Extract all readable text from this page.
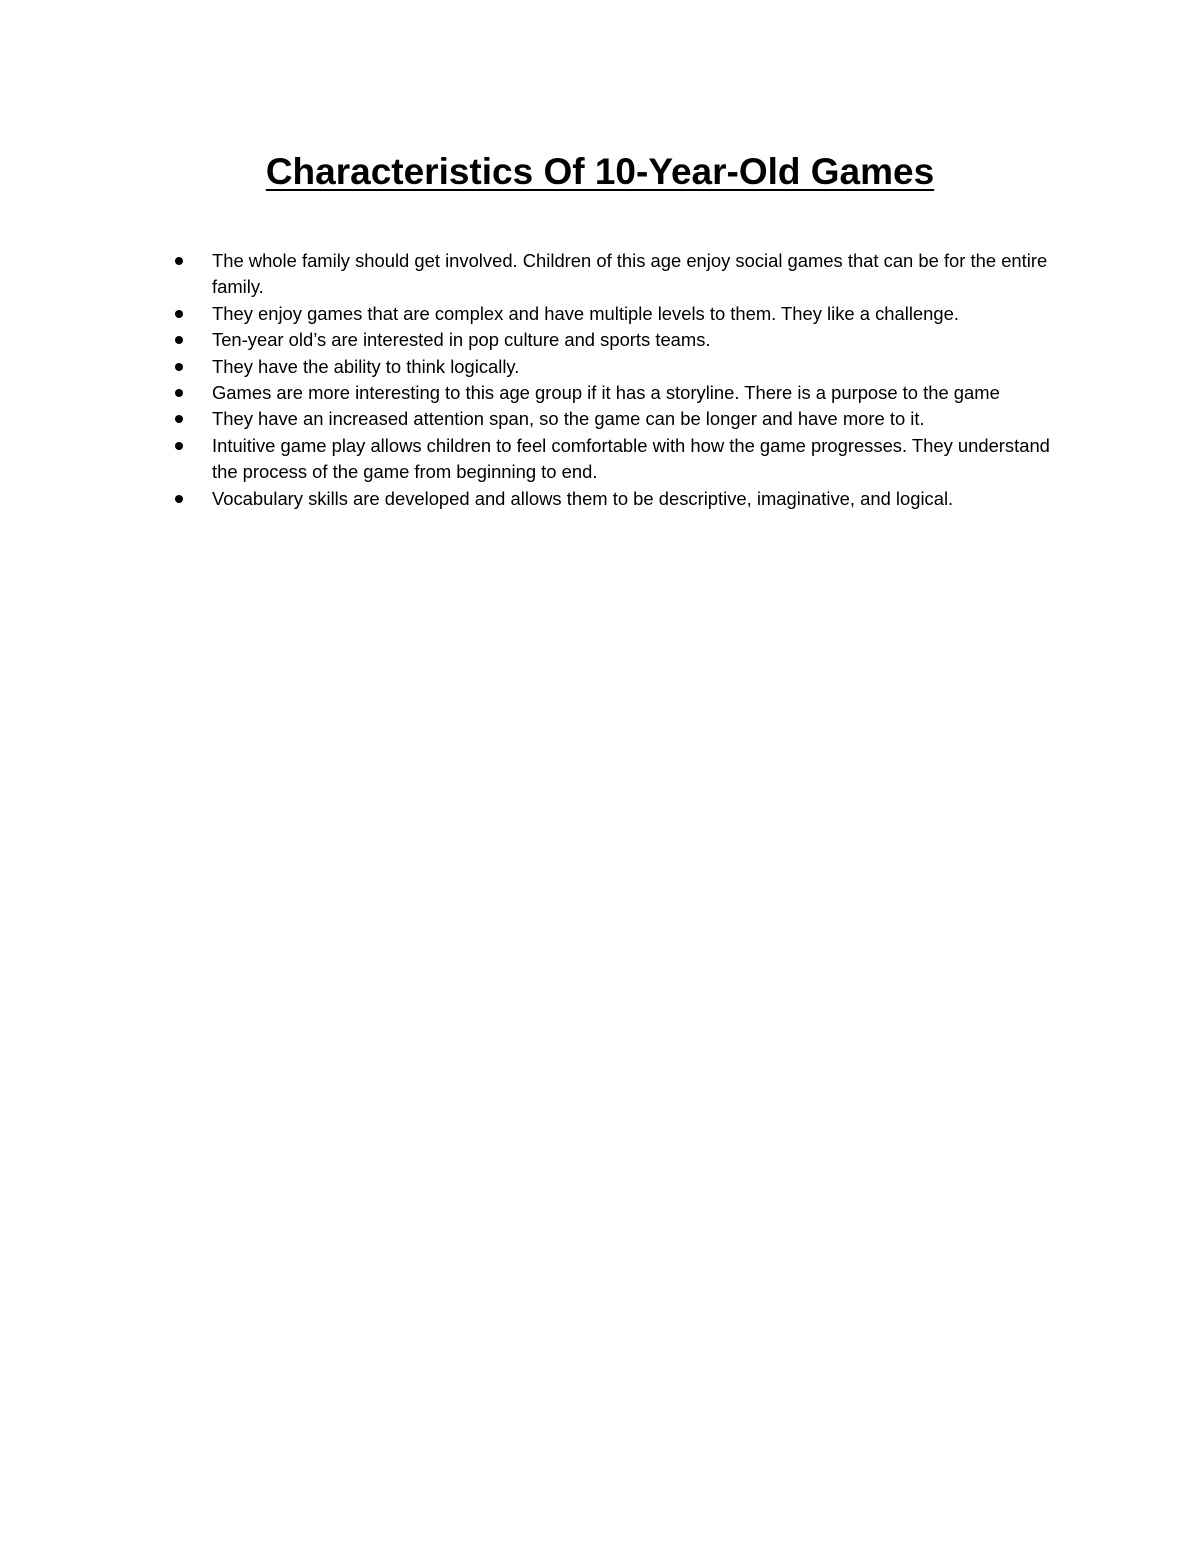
Characteristics Of 10-Year-Old Games
The whole family should get involved. Children of this age enjoy social games that can be for the entire family.
They enjoy games that are complex and have multiple levels to them. They like a challenge.
Ten-year old’s are interested in pop culture and sports teams.
They have the ability to think logically.
Games are more interesting to this age group if it has a storyline. There is a purpose to the game
They have an increased attention span, so the game can be longer and have more to it.
Intuitive game play allows children to feel comfortable with how the game progresses. They understand the process of the game from beginning to end.
Vocabulary skills are developed and allows them to be descriptive, imaginative, and logical.
